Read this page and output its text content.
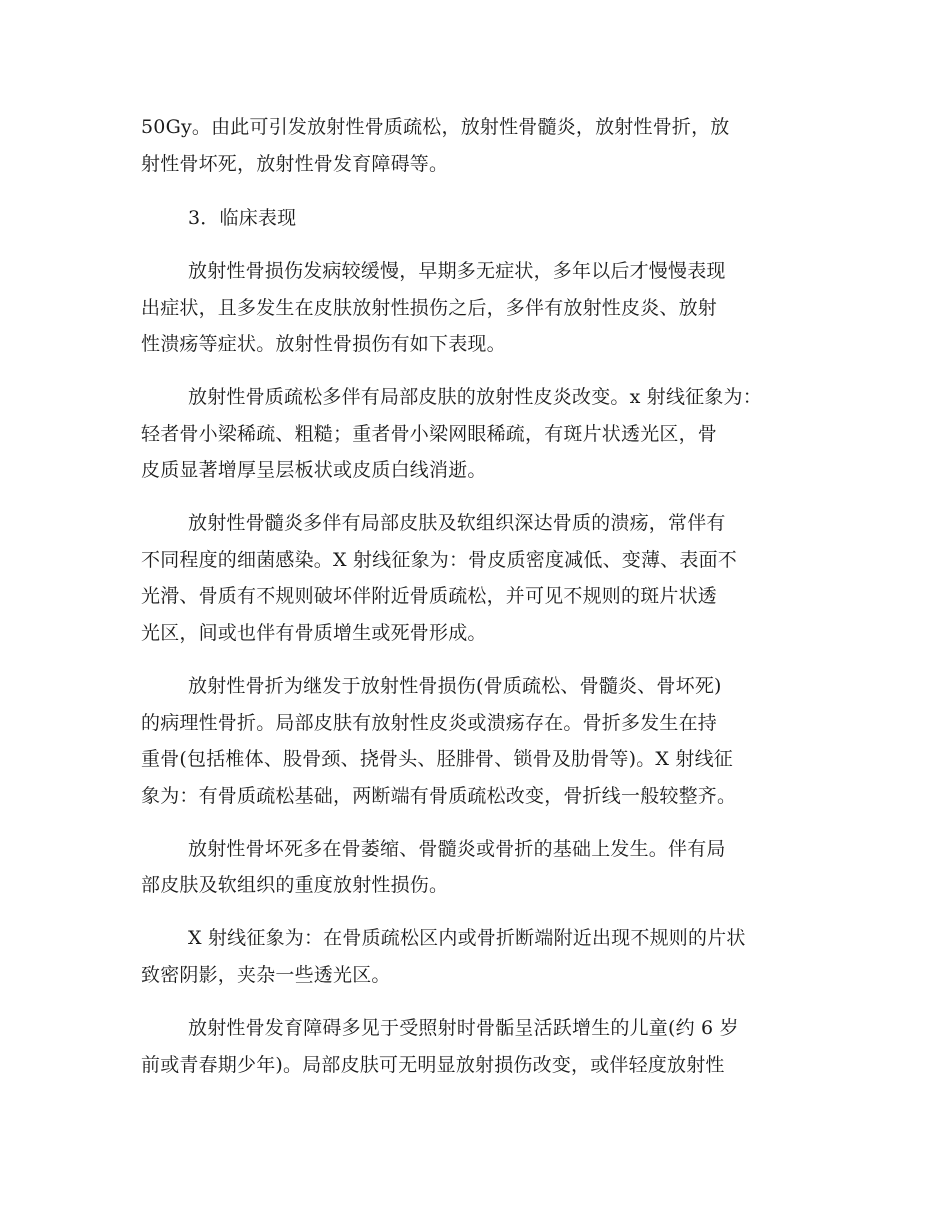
50Gy。由此可引发放射性骨质疏松，放射性骨髓炎，放射性骨折，放
射性骨坏死，放射性骨发育障碍等。
3．临床表现
放射性骨损伤发病较缓慢，早期多无症状，多年以后才慢慢表现
出症状，且多发生在皮肤放射性损伤之后，多伴有放射性皮炎、放射
性溃疡等症状。放射性骨损伤有如下表现。
放射性骨质疏松多伴有局部皮肤的放射性皮炎改变。x 射线征象为：
轻者骨小梁稀疏、粗糙；重者骨小梁网眼稀疏，有斑片状透光区，骨
皮质显著增厚呈层板状或皮质白线消逝。
放射性骨髓炎多伴有局部皮肤及软组织深达骨质的溃疡，常伴有
不同程度的细菌感染。X 射线征象为：骨皮质密度减低、变薄、表面不
光滑、骨质有不规则破坏伴附近骨质疏松，并可见不规则的斑片状透
光区，间或也伴有骨质增生或死骨形成。
放射性骨折为继发于放射性骨损伤(骨质疏松、骨髓炎、骨坏死)
的病理性骨折。局部皮肤有放射性皮炎或溃疡存在。骨折多发生在持
重骨(包括椎体、股骨颈、挠骨头、胫腓骨、锁骨及肋骨等)。X 射线征
象为：有骨质疏松基础，两断端有骨质疏松改变，骨折线一般较整齐。
放射性骨坏死多在骨萎缩、骨髓炎或骨折的基础上发生。伴有局
部皮肤及软组织的重度放射性损伤。
X 射线征象为：在骨质疏松区内或骨折断端附近出现不规则的片状
致密阴影，夹杂一些透光区。
放射性骨发育障碍多见于受照射时骨骺呈活跃增生的儿童(约 6 岁
前或青春期少年)。局部皮肤可无明显放射损伤改变，或伴轻度放射性
